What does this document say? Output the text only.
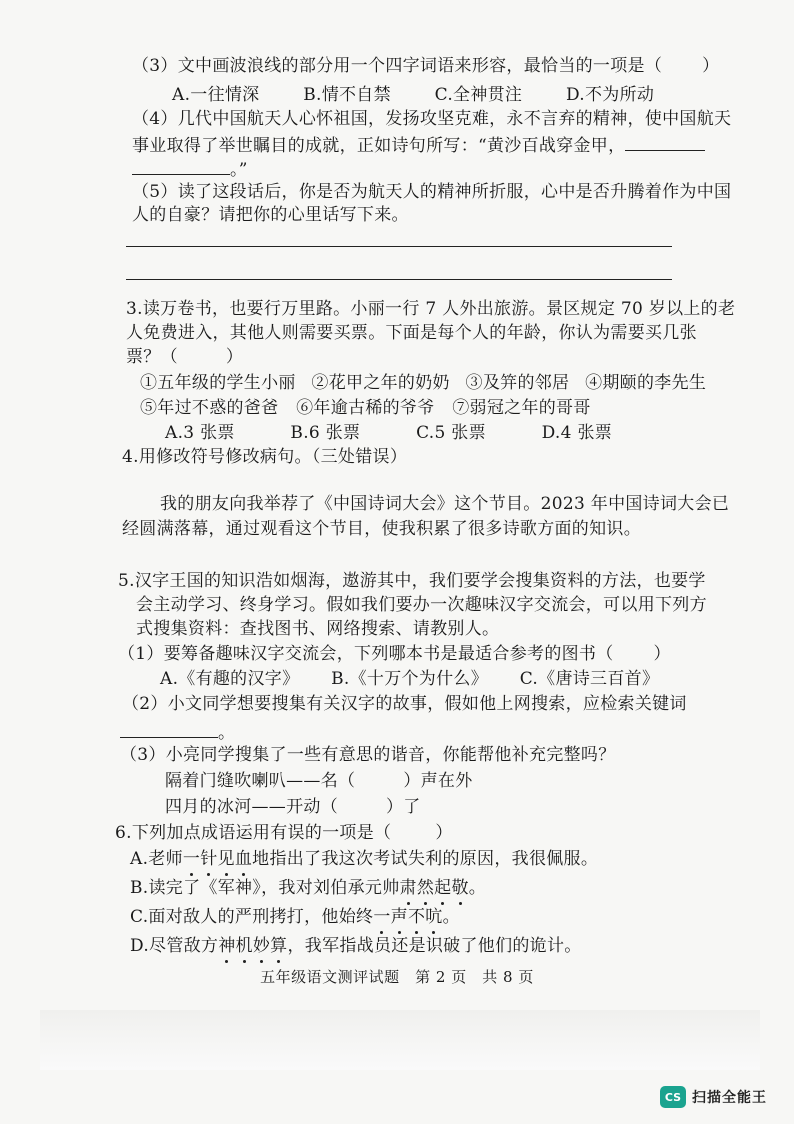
（3）文中画波浪线的部分用一个四字词语来形容，最恰当的一项是（ ）
A.一往情深	B.情不自禁	C.全神贯注	D.不为所动
（4）几代中国航天人心怀祖国，发扬攻坚克难，永不言弃的精神，使中国航天
事业取得了举世瞩目的成就，正如诗句所写：“黄沙百战穿金甲，
。”
（5）读了这段话后，你是否为航天人的精神所折服，心中是否升腾着作为中国
人的自豪？请把你的心里话写下来。
3.读万卷书，也要行万里路。小丽一行 7 人外出旅游。景区规定 70 岁以上的老
人免费进入，其他人则需要买票。下面是每个人的年龄，你认为需要买几张
票？（	）
①五年级的学生小丽 ②花甲之年的奶奶 ③及笄的邻居 ④期颐的李先生
⑤年过不惑的爸爸 ⑥年逾古稀的爷爷 ⑦弱冠之年的哥哥
A.3 张票	B.6 张票	C.5 张票	D.4 张票
4.用修改符号修改病句。（三处错误）
我的朋友向我举荐了《中国诗词大会》这个节目。2023 年中国诗词大会已
经圆满落幕，通过观看这个节目，使我积累了很多诗歌方面的知识。
5.汉字王国的知识浩如烟海，遨游其中，我们要学会搜集资料的方法，也要学
会主动学习、终身学习。假如我们要办一次趣味汉字交流会，可以用下列方
式搜集资料：查找图书、网络搜索、请教别人。
（1）要筹备趣味汉字交流会，下列哪本书是最适合参考的图书（ ）
A.《有趣的汉字》 B.《十万个为什么》 C.《唐诗三百首》
（2）小文同学想要搜集有关汉字的故事，假如他上网搜索，应检索关键词
。
（3）小亮同学搜集了一些有意思的谐音，你能帮他补充完整吗？
隔着门缝吹喇叭——名（	）声在外
四月的冰河——开动（	）了
6.下列加点成语运用有误的一项是（	）
A.老师一针见血地指出了我这次考试失利的原因，我很佩服。
B.读完了《军神》，我对刘伯承元帅肃然起敬。
C.面对敌人的严刑拷打，他始终一声不吭。
D.尽管敌方神机妙算，我军指战员还是识破了他们的诡计。
五年级语文测评试题　第 2 页　共 8 页
CS 扫描全能王
